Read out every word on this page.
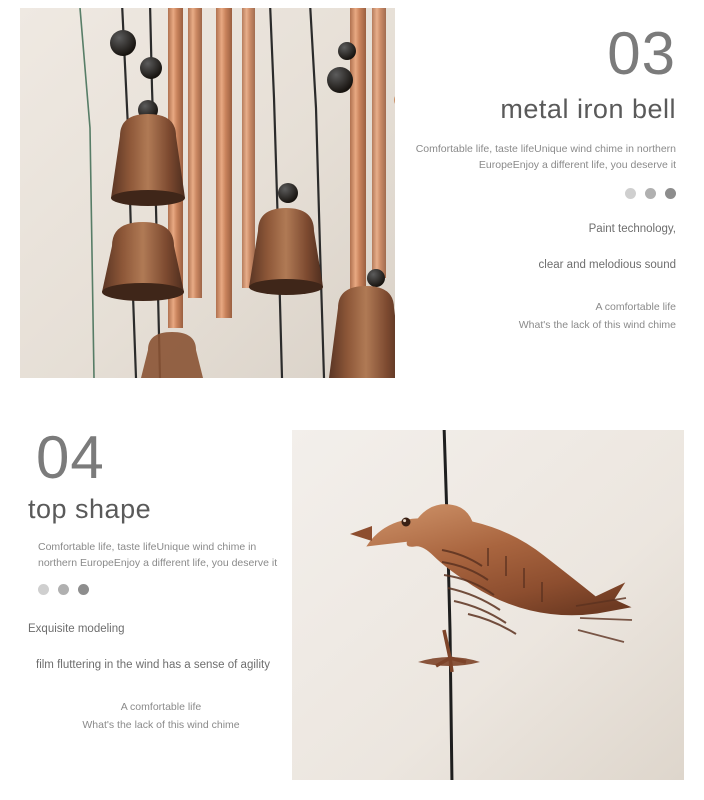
03
metal iron bell
Comfortable life, taste lifeUnique wind chime in northern EuropeEnjoy a different life, you deserve it
Paint technology,
clear and melodious sound
A comfortable life
What's the lack of this wind chime
04
top shape
Comfortable life, taste lifeUnique wind chime in northern EuropeEnjoy a different life, you deserve it
Exquisite modeling
film fluttering in the wind has a sense of agility
A comfortable life
What's the lack of this wind chime
